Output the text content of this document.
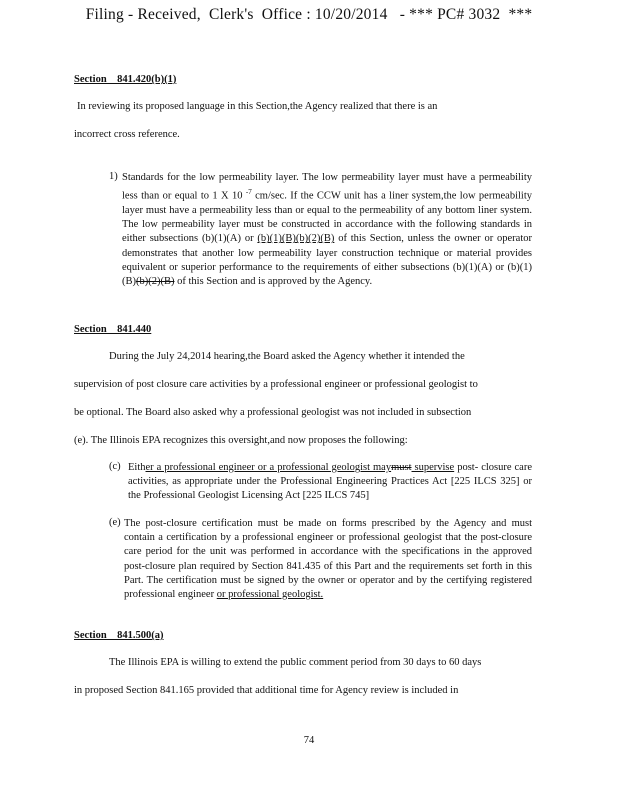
Filing - Received,  Clerk's  Office : 10/20/2014   - *** PC# 3032  ***
Section    841.420(b)(1)
In reviewing its proposed language in this Section,the Agency realized that there is an
incorrect cross reference.
1) Standards for the low permeability layer. The low permeability layer must have a permeability less than or equal to 1 X 10 $^{-7}$ cm/sec. If the CCW unit has a liner system,the low permeability layer must have a permeability less than or equal to the permeability of any bottom liner system. The low permeability layer must be constructed in accordance with the following standards in either subsections (b)(1)(A) or (b)(1)(B)(b)(2)(B) of this Section, unless the owner or operator demonstrates that another low permeability layer construction technique or material provides equivalent or superior performance to the requirements of either subsections (b)(1)(A) or (b)(1)(B)(b)(2)(B) of this Section and is approved by the Agency.
Section    841.440
During the July 24,2014 hearing,the Board asked the Agency whether it intended the
supervision of post closure care activities by a professional engineer or professional geologist to
be optional. The Board also asked why a professional geologist was not included in subsection
(e). The Illinois EPA recognizes this oversight,and now proposes the following:
(c) Either a professional engineer or a professional geologist maymust supervise post- closure care activities, as appropriate under the Professional Engineering Practices Act [225 ILCS 325] or the Professional Geologist Licensing Act [225 ILCS 745]
(e) The post-closure certification must be made on forms prescribed by the Agency and must contain a certification by a professional engineer or professional geologist that the post-closure care period for the unit was performed in accordance with the specifications in the approved post-closure plan required by Section 841.435 of this Part and the requirements set forth in this Part. The certification must be signed by the owner or operator and by the certifying registered professional engineer or professional geologist.
Section    841.500(a)
The Illinois EPA is willing to extend the public comment period from 30 days to 60 days
in proposed Section 841.165 provided that additional time for Agency review is included in
74
